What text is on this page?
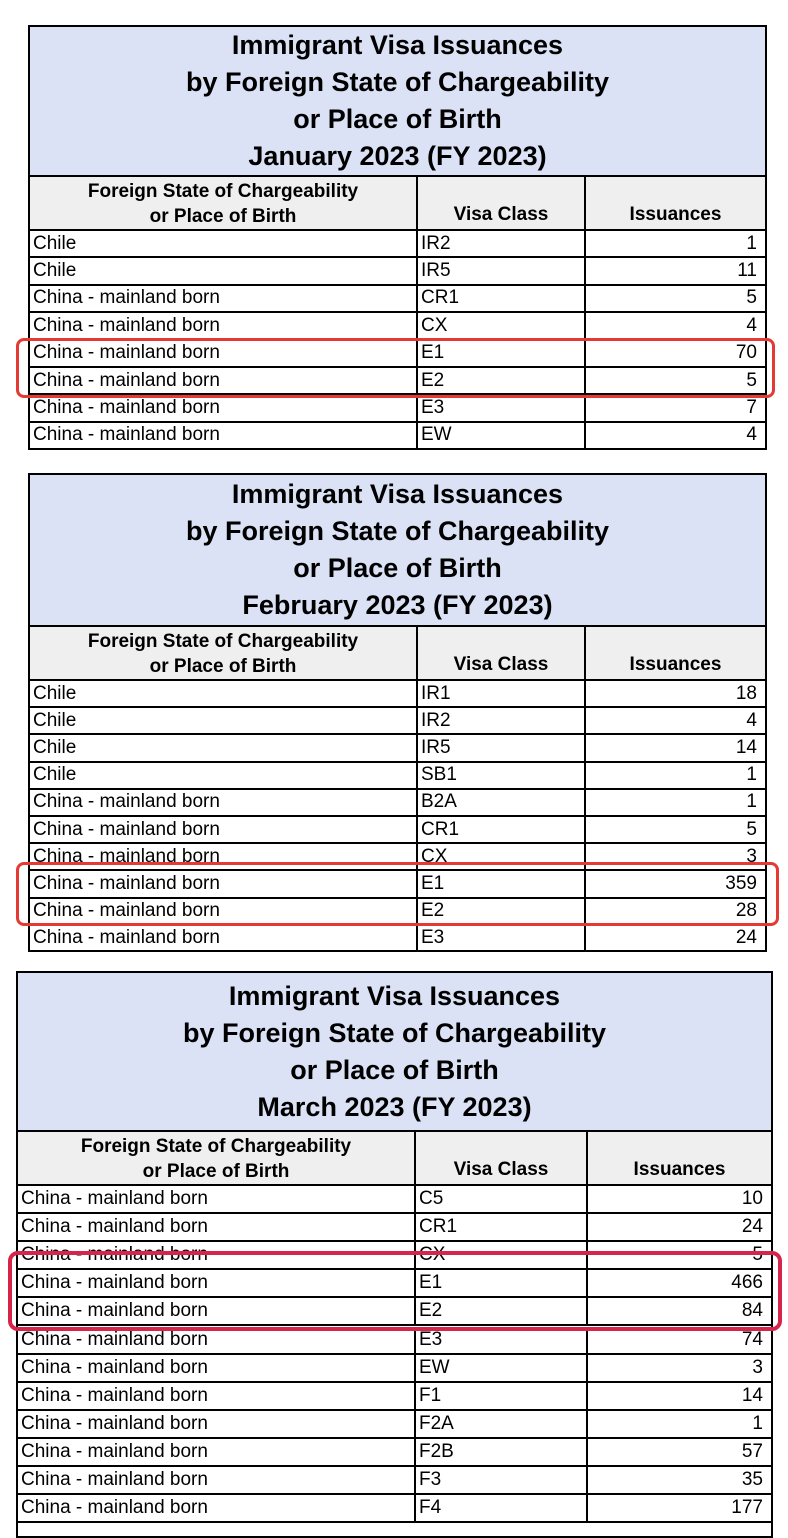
Immigrant Visa Issuances
by Foreign State of Chargeability
or Place of Birth
January 2023 (FY 2023)
Foreign State of Chargeability
or Place of Birth	Visa Class	Issuances
Chile	IR2	1
Chile	IR5	11
China - mainland born	CR1	5
China - mainland born	CX	4
China - mainland born	E1	70
China - mainland born	E2	5
China - mainland born	E3	7
China - mainland born	EW	4
Immigrant Visa Issuances
by Foreign State of Chargeability
or Place of Birth
February 2023 (FY 2023)
Foreign State of Chargeability
or Place of Birth	Visa Class	Issuances
Chile	IR1	18
Chile	IR2	4
Chile	IR5	14
Chile	SB1	1
China - mainland born	B2A	1
China - mainland born	CR1	5
China - mainland born	CX	3
China - mainland born	E1	359
China - mainland born	E2	28
China - mainland born	E3	24
Immigrant Visa Issuances
by Foreign State of Chargeability
or Place of Birth
March 2023 (FY 2023)
Foreign State of Chargeability
or Place of Birth	Visa Class	Issuances
China - mainland born	C5	10
China - mainland born	CR1	24
China - mainland born	CX	5
China - mainland born	E1	466
China - mainland born	E2	84
China - mainland born	E3	74
China - mainland born	EW	3
China - mainland born	F1	14
China - mainland born	F2A	1
China - mainland born	F2B	57
China - mainland born	F3	35
China - mainland born	F4	177
